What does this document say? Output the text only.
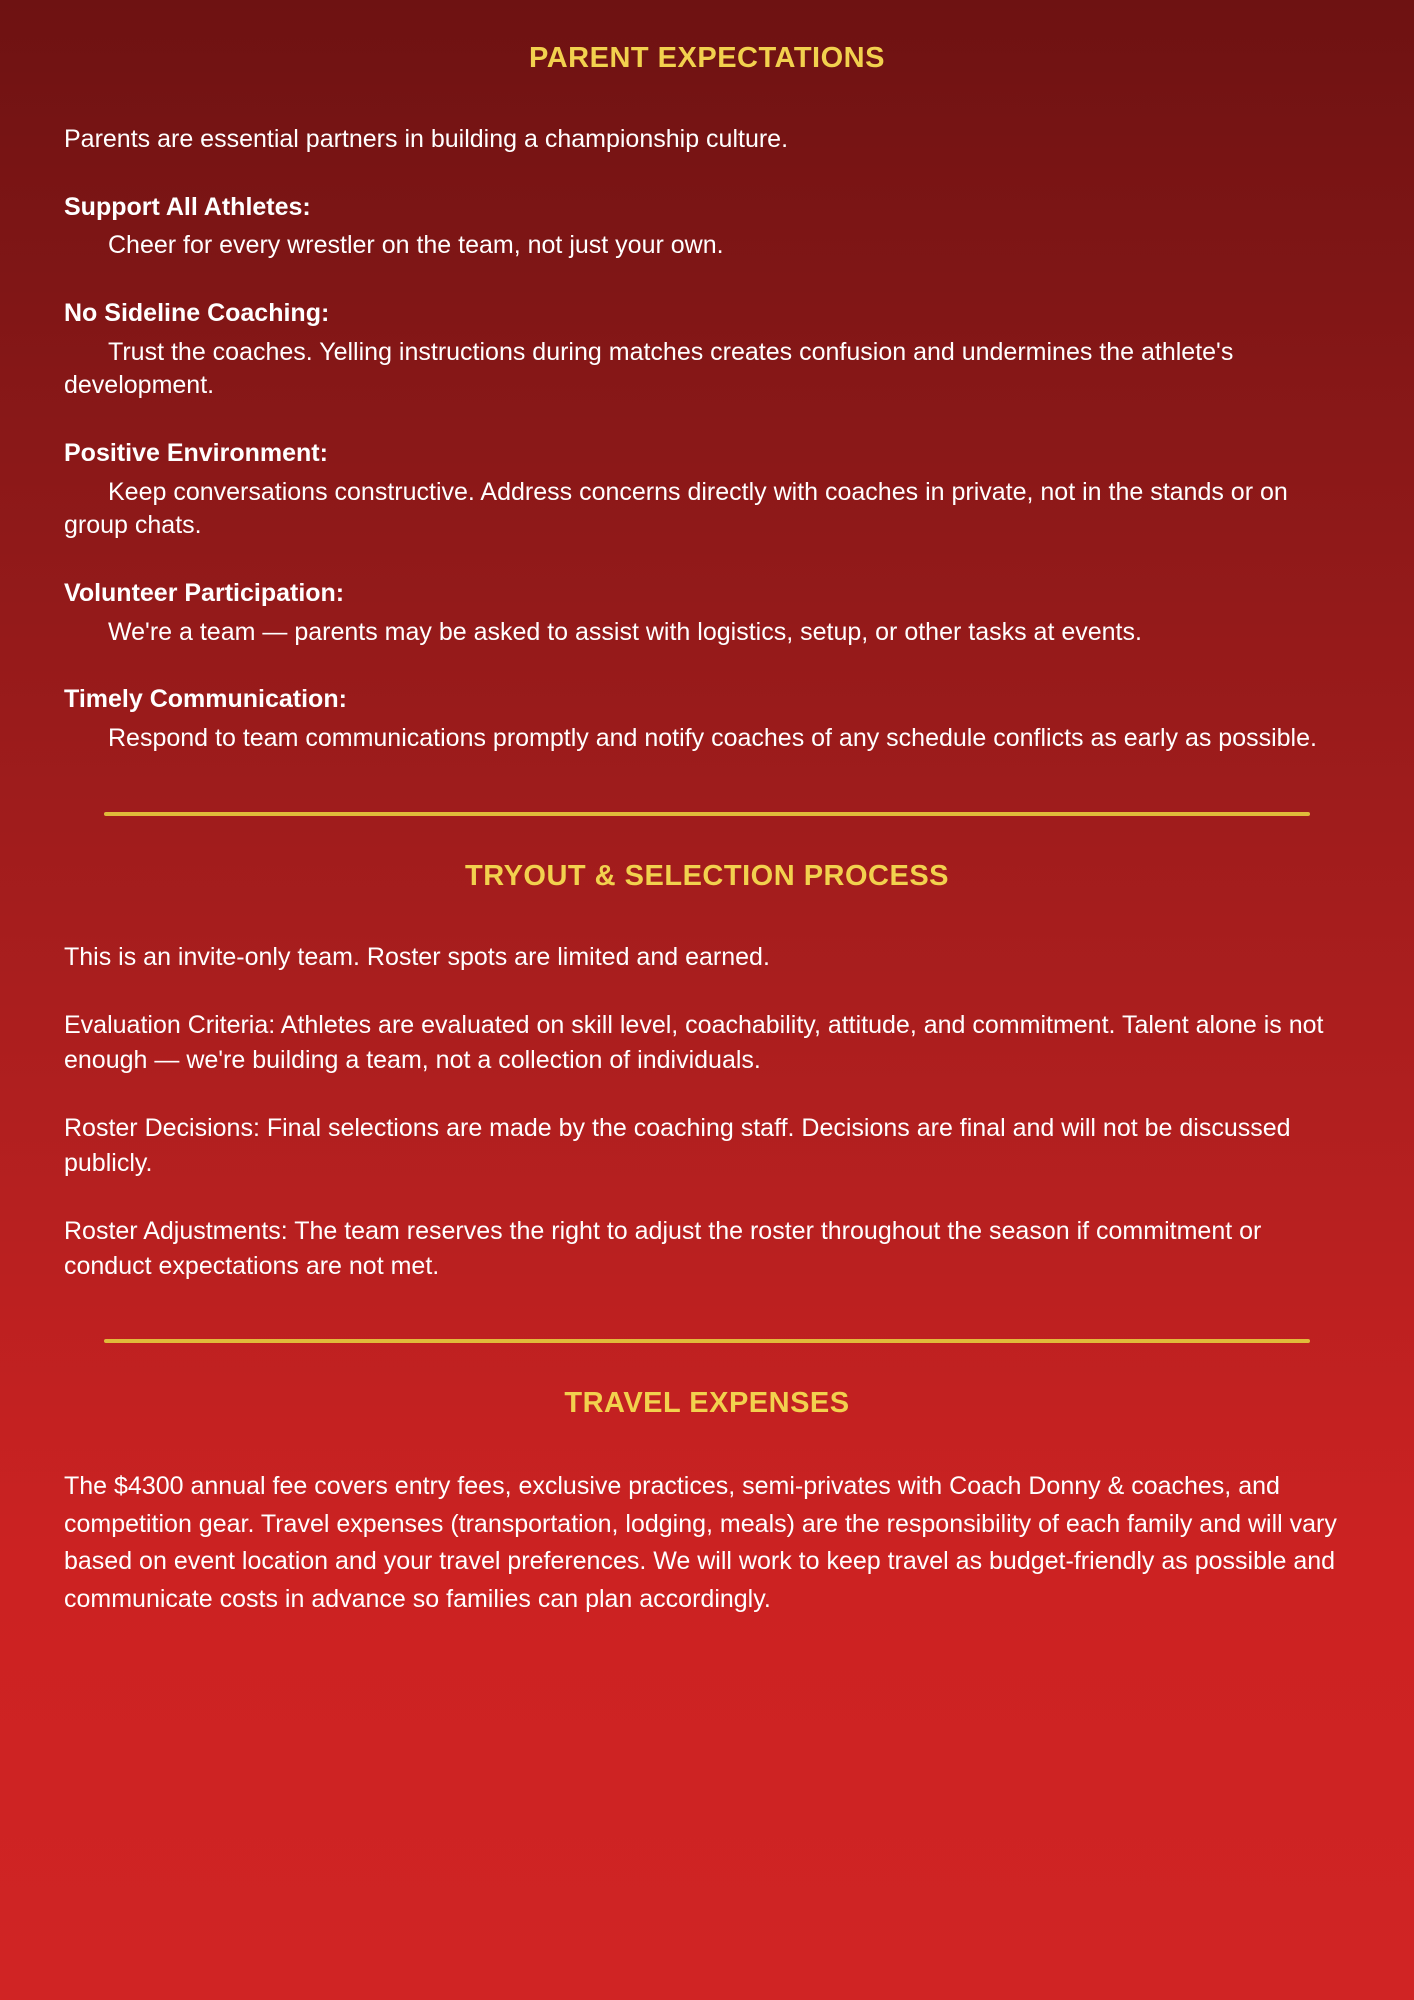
PARENT EXPECTATIONS

Parents are essential partners in building a championship culture.

Support All Athletes:
Cheer for every wrestler on the team, not just your own.
No Sideline Coaching:
Trust the coaches. Yelling instructions during matches creates confusion and undermines the athlete's development.
Positive Environment:
Keep conversations constructive. Address concerns directly with coaches in private, not in the stands or on group chats.
Volunteer Participation:
We're a team — parents may be asked to assist with logistics, setup, or other tasks at events.
Timely Communication:
Respond to team communications promptly and notify coaches of any schedule conflicts as early as possible.
TRYOUT & SELECTION PROCESS

This is an invite-only team. Roster spots are limited and earned.

Evaluation Criteria: Athletes are evaluated on skill level, coachability, attitude, and commitment. Talent alone is not enough — we're building a team, not a collection of individuals.

Roster Decisions: Final selections are made by the coaching staff. Decisions are final and will not be discussed publicly.

Roster Adjustments: The team reserves the right to adjust the roster throughout the season if commitment or conduct expectations are not met.

TRAVEL EXPENSES

The $4300 annual fee covers entry fees, exclusive practices, semi-privates with Coach Donny & coaches, and competition gear. Travel expenses (transportation, lodging, meals) are the responsibility of each family and will vary based on event location and your travel preferences. We will work to keep travel as budget-friendly as possible and communicate costs in advance so families can plan accordingly.
